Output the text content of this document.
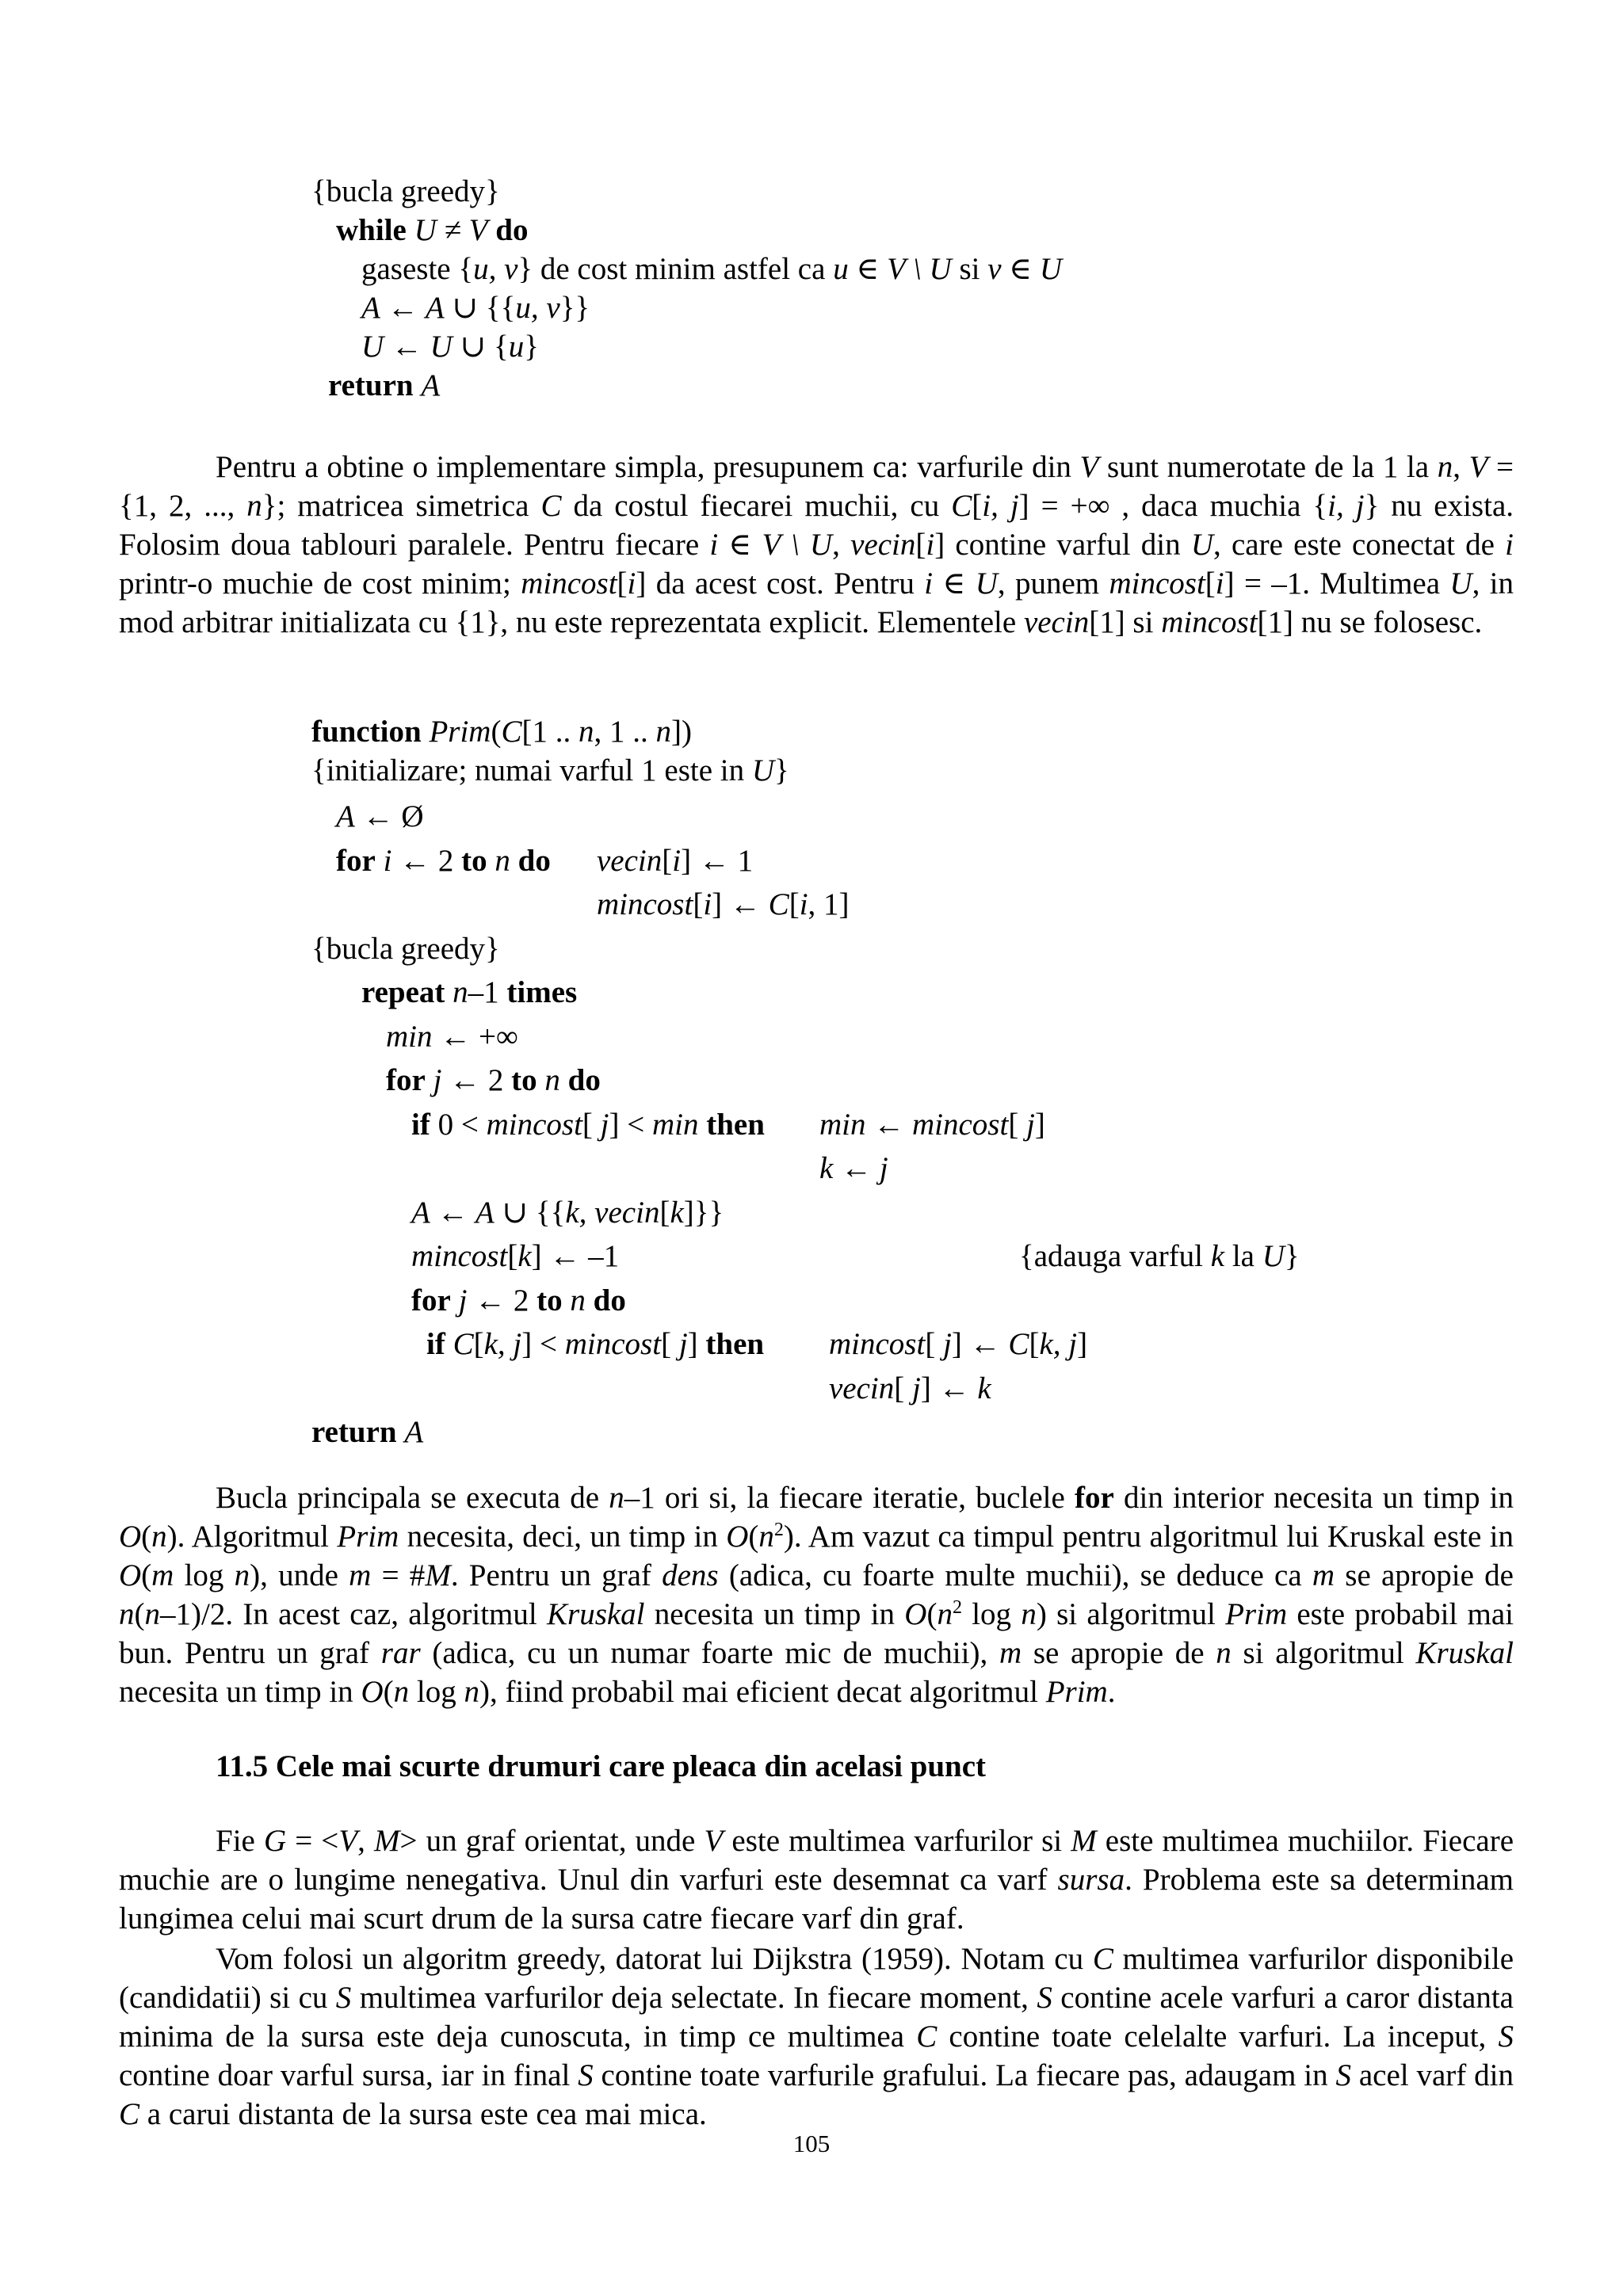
{bucla greedy}
while U ≠ V do
gaseste {u, v} de cost minim astfel ca u ∈ V \ U si v ∈ U
A ← A ∪ {{u, v}}
U ← U ∪ {u}
return A

Pentru a obtine o implementare simpla, presupunem ca: varfurile din V sunt numerotate de la 1 la n, V = {1, 2, ..., n}; matricea simetrica C da costul fiecarei muchii, cu C[i, j] = +∞ , daca muchia {i, j} nu exista. Folosim doua tablouri paralele. Pentru fiecare i ∈ V \ U, vecin[i] contine varful din U, care este conectat de i printr-o muchie de cost minim; mincost[i] da acest cost. Pentru i ∈ U, punem mincost[i] = –1. Multimea U, in mod arbitrar initializata cu {1}, nu este reprezentata explicit. Elementele vecin[1] si mincost[1] nu se folosesc.

function Prim(C[1 .. n, 1 .. n])
{initializare; numai varful 1 este in U}
A ← Ø
for i ← 2 to n do vecin[i] ← 1
mincost[i] ← C[i, 1]
{bucla greedy}
repeat n–1 times
min ← +∞
for j ← 2 to n do
if 0 < mincost[ j] < min then min ← mincost[ j]
k ← j
A ← A ∪ {{k, vecin[k]}}
mincost[k] ← –1	{adauga varful k la U}
for j ← 2 to n do
if C[k, j] < mincost[ j] then mincost[ j] ← C[k, j]
vecin[ j] ← k
return A

Bucla principala se executa de n–1 ori si, la fiecare iteratie, buclele for din interior necesita un timp in O(n). Algoritmul Prim necesita, deci, un timp in $O(n^2)$. Am vazut ca timpul pentru algoritmul lui Kruskal este in O(m log n), unde m = #M. Pentru un graf dens (adica, cu foarte multe muchii), se deduce ca m se apropie de n(n–1)/2. In acest caz, algoritmul Kruskal necesita un timp in $O(n^2$ log n) si algoritmul Prim este probabil mai bun. Pentru un graf rar (adica, cu un numar foarte mic de muchii), m se apropie de n si algoritmul Kruskal necesita un timp in O(n log n), fiind probabil mai eficient decat algoritmul Prim.

11.5 Cele mai scurte drumuri care pleaca din acelasi punct

Fie G = <V, M> un graf orientat, unde V este multimea varfurilor si M este multimea muchiilor. Fiecare muchie are o lungime nenegativa. Unul din varfuri este desemnat ca varf sursa. Problema este sa determinam lungimea celui mai scurt drum de la sursa catre fiecare varf din graf.

Vom folosi un algoritm greedy, datorat lui Dijkstra (1959). Notam cu C multimea varfurilor disponibile (candidatii) si cu S multimea varfurilor deja selectate. In fiecare moment, S contine acele varfuri a caror distanta minima de la sursa este deja cunoscuta, in timp ce multimea C contine toate celelalte varfuri. La inceput, S contine doar varful sursa, iar in final S contine toate varfurile grafului. La fiecare pas, adaugam in S acel varf din C a carui distanta de la sursa este cea mai mica.

105
